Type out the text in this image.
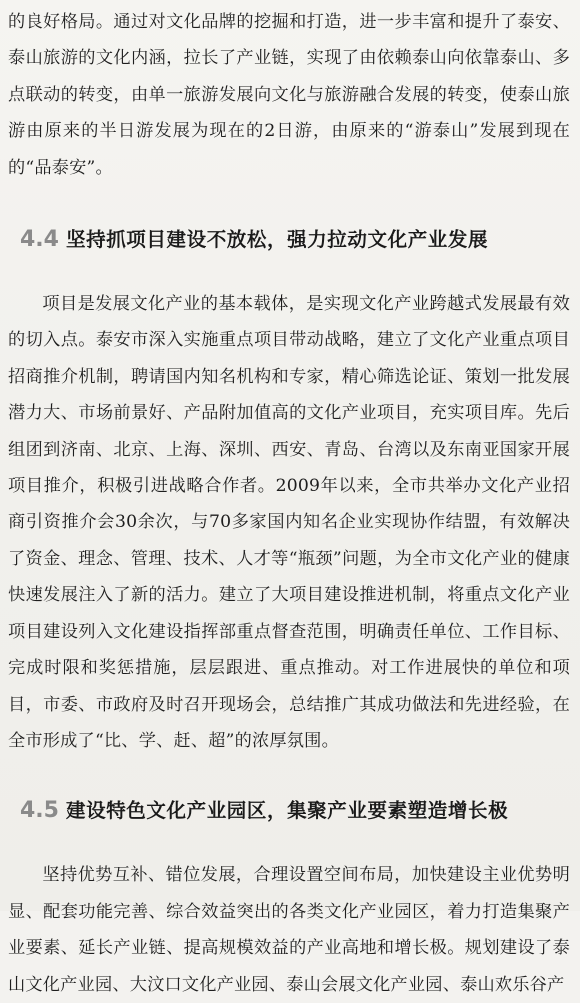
的良好格局。通过对文化品牌的挖掘和打造，进一步丰富和提升了泰安、泰山旅游的文化内涵，拉长了产业链，实现了由依赖泰山向依靠泰山、多点联动的转变，由单一旅游发展向文化与旅游融合发展的转变，使泰山旅游由原来的半日游发展为现在的2日游，由原来的“游泰山”发展到现在的“品泰安”。

4.4 坚持抓项目建设不放松，强力拉动文化产业发展

项目是发展文化产业的基本载体，是实现文化产业跨越式发展最有效的切入点。泰安市深入实施重点项目带动战略，建立了文化产业重点项目招商推介机制，聘请国内知名机构和专家，精心筛选论证、策划一批发展潜力大、市场前景好、产品附加值高的文化产业项目，充实项目库。先后组团到济南、北京、上海、深圳、西安、青岛、台湾以及东南亚国家开展项目推介，积极引进战略合作者。2009年以来，全市共举办文化产业招商引资推介会30余次，与70多家国内知名企业实现协作结盟，有效解决了资金、理念、管理、技术、人才等“瓶颈”问题，为全市文化产业的健康快速发展注入了新的活力。建立了大项目建设推进机制，将重点文化产业项目建设列入文化建设指挥部重点督查范围，明确责任单位、工作目标、完成时限和奖惩措施，层层跟进、重点推动。对工作进展快的单位和项目，市委、市政府及时召开现场会，总结推广其成功做法和先进经验，在全市形成了“比、学、赶、超”的浓厚氛围。

4.5 建设特色文化产业园区，集聚产业要素塑造增长极

坚持优势互补、错位发展，合理设置空间布局，加快建设主业优势明显、配套功能完善、综合效益突出的各类文化产业园区，着力打造集聚产业要素、延长产业链、提高规模效益的产业高地和增长极。规划建设了泰山文化产业园、大汶口文化产业园、泰山会展文化产业园、泰山欢乐谷产
